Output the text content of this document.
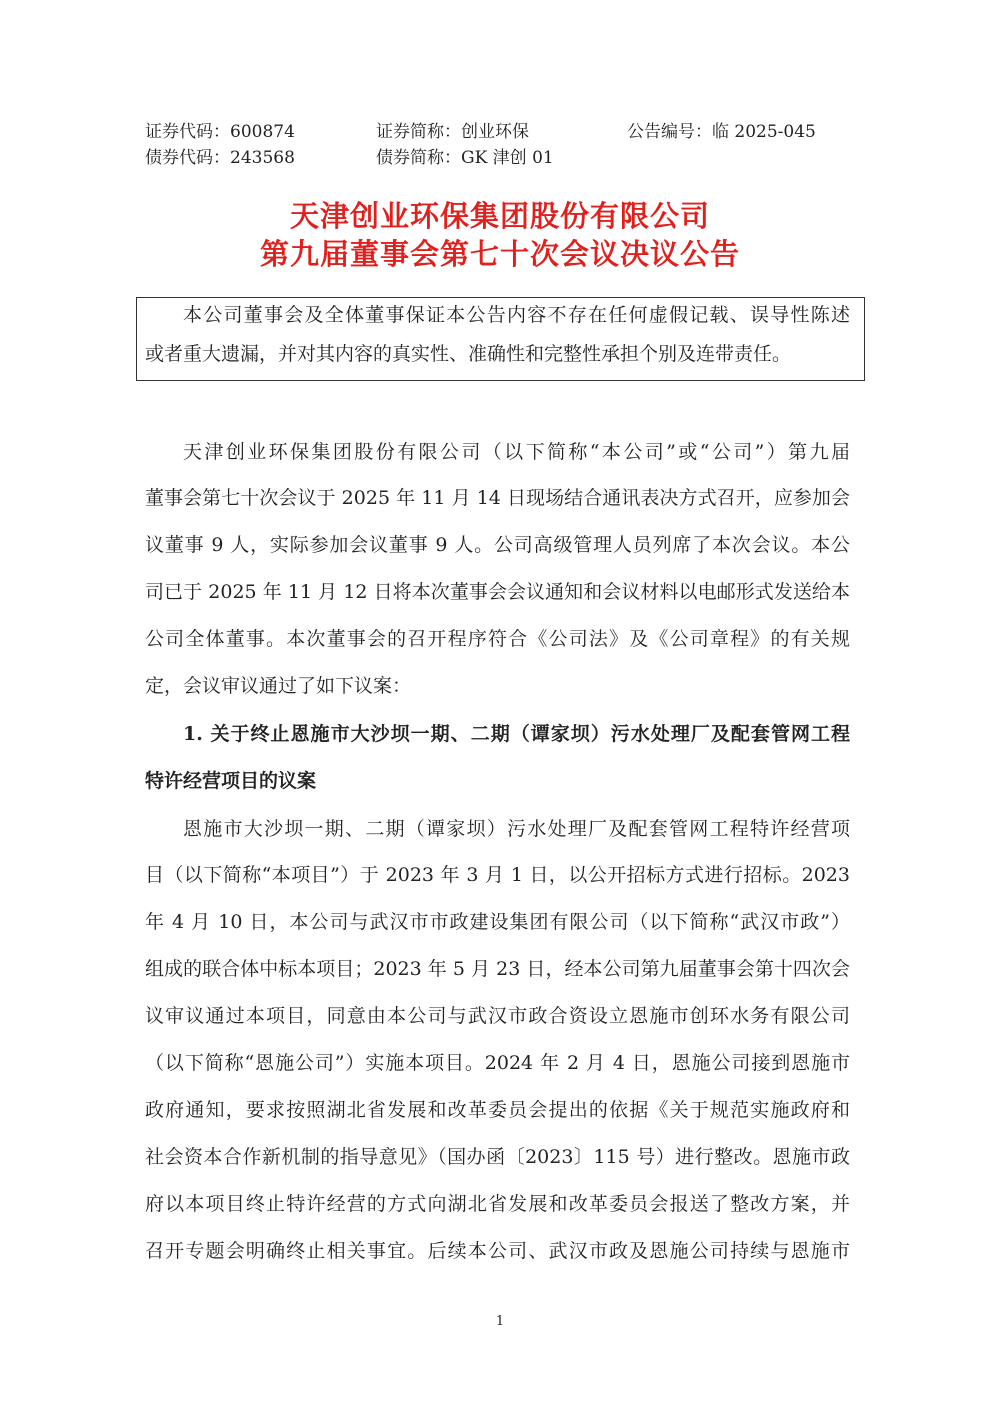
证券代码：600874	证券简称：创业环保	公告编号：临 2025-045
债券代码：243568	债券简称：GK 津创 01
天津创业环保集团股份有限公司
第九届董事会第七十次会议决议公告
本公司董事会及全体董事保证本公告内容不存在任何虚假记载、误导性陈述
或者重大遗漏，并对其内容的真实性、准确性和完整性承担个别及连带责任。
天津创业环保集团股份有限公司（以下简称“本公司”或“公司”）第九届
董事会第七十次会议于 2025 年 11 月 14 日现场结合通讯表决方式召开，应参加会
议董事 9 人，实际参加会议董事 9 人。公司高级管理人员列席了本次会议。本公
司已于 2025 年 11 月 12 日将本次董事会会议通知和会议材料以电邮形式发送给本
公司全体董事。本次董事会的召开程序符合《公司法》及《公司章程》的有关规
定，会议审议通过了如下议案：
1. 关于终止恩施市大沙坝一期、二期（谭家坝）污水处理厂及配套管网工程
特许经营项目的议案
恩施市大沙坝一期、二期（谭家坝）污水处理厂及配套管网工程特许经营项
目（以下简称“本项目”）于 2023 年 3 月 1 日，以公开招标方式进行招标。2023
年 4 月 10 日，本公司与武汉市市政建设集团有限公司（以下简称“武汉市政”）
组成的联合体中标本项目；2023 年 5 月 23 日，经本公司第九届董事会第十四次会
议审议通过本项目，同意由本公司与武汉市政合资设立恩施市创环水务有限公司
（以下简称“恩施公司”）实施本项目。2024 年 2 月 4 日，恩施公司接到恩施市
政府通知，要求按照湖北省发展和改革委员会提出的依据《关于规范实施政府和
社会资本合作新机制的指导意见》（国办函〔2023〕115 号）进行整改。恩施市政
府以本项目终止特许经营的方式向湖北省发展和改革委员会报送了整改方案，并
召开专题会明确终止相关事宜。后续本公司、武汉市政及恩施公司持续与恩施市
1
